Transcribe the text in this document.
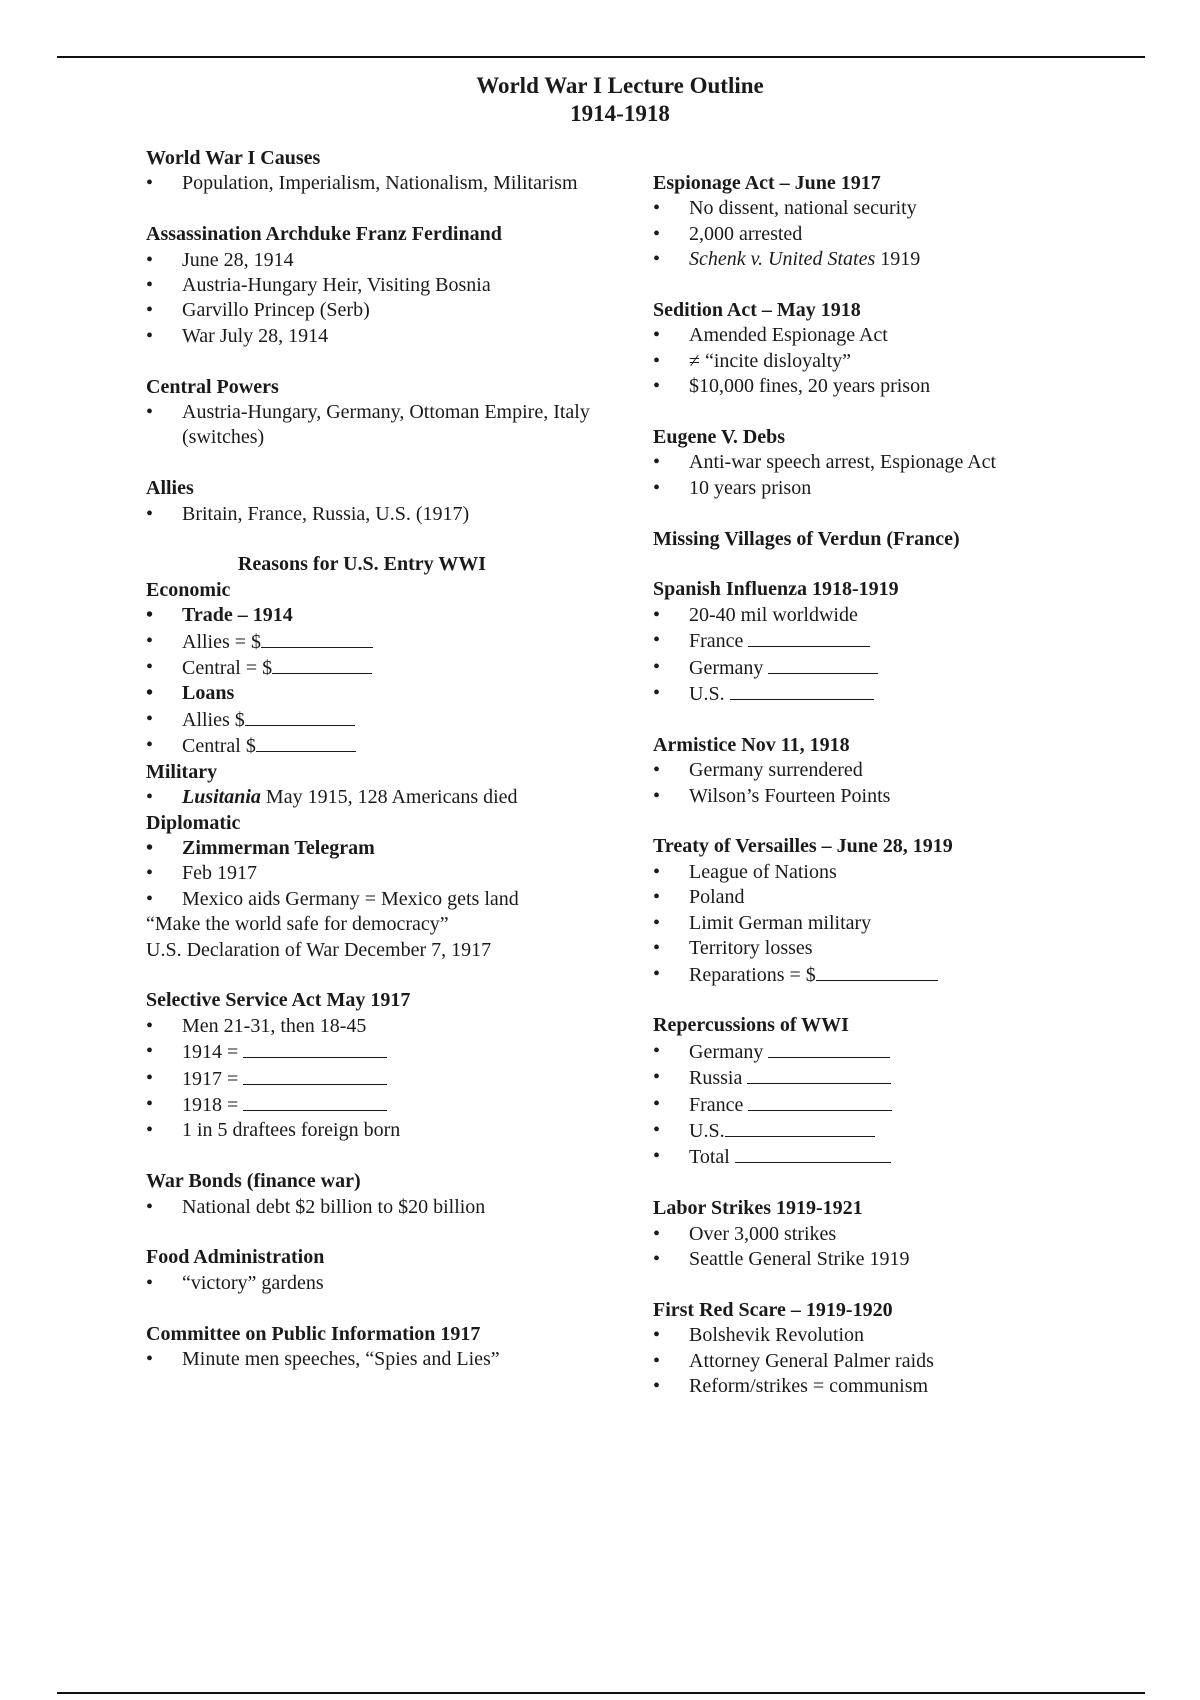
World War I Lecture Outline
1914-1918
World War I Causes
• Population, Imperialism, Nationalism, Militarism
Assassination Archduke Franz Ferdinand
• June 28, 1914
• Austria-Hungary Heir, Visiting Bosnia
• Garvillo Princep (Serb)
• War July 28, 1914
Central Powers
• Austria-Hungary, Germany, Ottoman Empire, Italy (switches)
Allies
• Britain, France, Russia, U.S. (1917)
Reasons for U.S. Entry WWI
Economic
• Trade – 1914
• Allies = $
• Central = $
• Loans
• Allies $
• Central $
Military
• Lusitania May 1915, 128 Americans died
Diplomatic
• Zimmerman Telegram
• Feb 1917
• Mexico aids Germany = Mexico gets land
“Make the world safe for democracy”
U.S. Declaration of War December 7, 1917
Selective Service Act May 1917
• Men 21-31, then 18-45
• 1914 =
• 1917 =
• 1918 =
• 1 in 5 draftees foreign born
War Bonds (finance war)
• National debt $2 billion to $20 billion
Food Administration
• “victory” gardens
Committee on Public Information 1917
• Minute men speeches, “Spies and Lies”
Espionage Act – June 1917
• No dissent, national security
• 2,000 arrested
• Schenk v. United States 1919
Sedition Act – May 1918
• Amended Espionage Act
• ≠ “incite disloyalty”
• $10,000 fines, 20 years prison
Eugene V. Debs
• Anti-war speech arrest, Espionage Act
• 10 years prison
Missing Villages of Verdun (France)
Spanish Influenza 1918-1919
• 20-40 mil worldwide
• France
• Germany
• U.S.
Armistice Nov 11, 1918
• Germany surrendered
• Wilson’s Fourteen Points
Treaty of Versailles – June 28, 1919
• League of Nations
• Poland
• Limit German military
• Territory losses
• Reparations = $
Repercussions of WWI
• Germany
• Russia
• France
• U.S.
• Total
Labor Strikes 1919-1921
• Over 3,000 strikes
• Seattle General Strike 1919
First Red Scare – 1919-1920
• Bolshevik Revolution
• Attorney General Palmer raids
• Reform/strikes = communism
